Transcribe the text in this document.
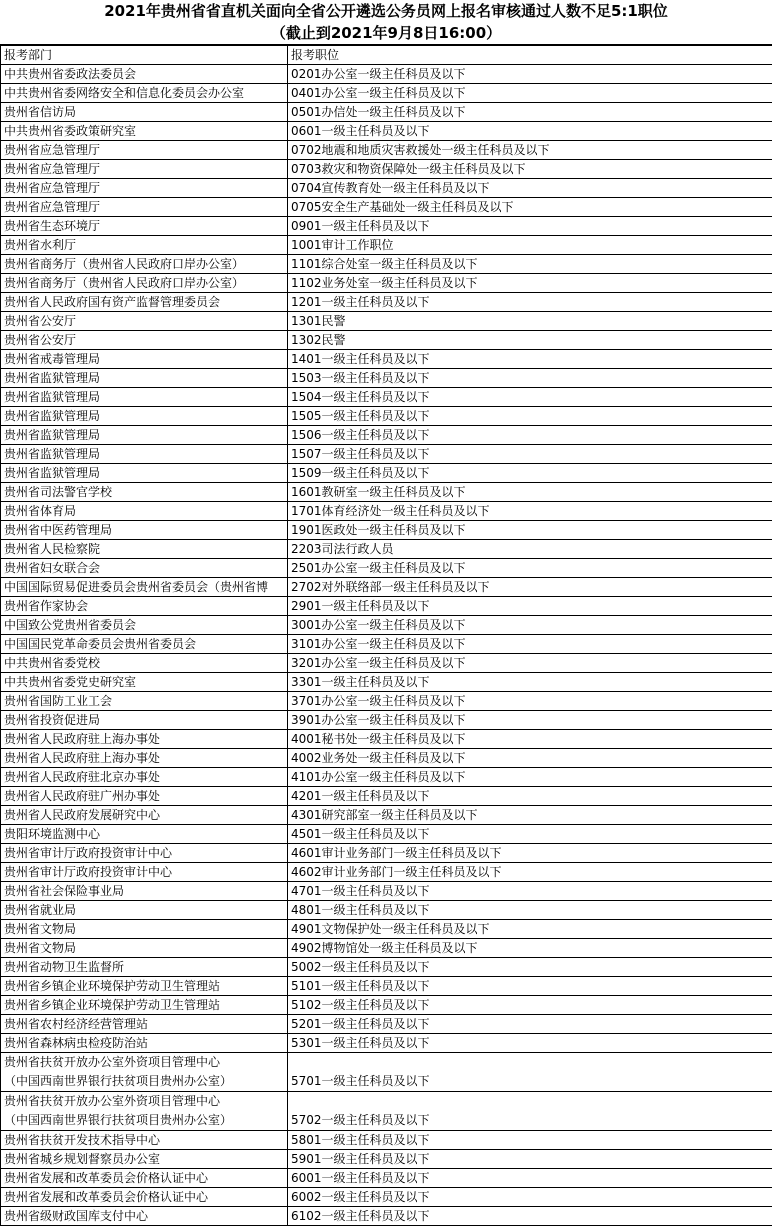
2021年贵州省省直机关面向全省公开遴选公务员网上报名审核通过人数不足5:1职位
（截止到2021年9月8日16:00）
报考部门	报考职位
中共贵州省委政法委员会	0201办公室一级主任科员及以下
中共贵州省委网络安全和信息化委员会办公室	0401办公室一级主任科员及以下
贵州省信访局	0501办信处一级主任科员及以下
中共贵州省委政策研究室	0601一级主任科员及以下
贵州省应急管理厅	0702地震和地质灾害救援处一级主任科员及以下
贵州省应急管理厅	0703救灾和物资保障处一级主任科员及以下
贵州省应急管理厅	0704宣传教育处一级主任科员及以下
贵州省应急管理厅	0705安全生产基础处一级主任科员及以下
贵州省生态环境厅	0901一级主任科员及以下
贵州省水利厅	1001审计工作职位
贵州省商务厅（贵州省人民政府口岸办公室）	1101综合处室一级主任科员及以下
贵州省商务厅（贵州省人民政府口岸办公室）	1102业务处室一级主任科员及以下
贵州省人民政府国有资产监督管理委员会	1201一级主任科员及以下
贵州省公安厅	1301民警
贵州省公安厅	1302民警
贵州省戒毒管理局	1401一级主任科员及以下
贵州省监狱管理局	1503一级主任科员及以下
贵州省监狱管理局	1504一级主任科员及以下
贵州省监狱管理局	1505一级主任科员及以下
贵州省监狱管理局	1506一级主任科员及以下
贵州省监狱管理局	1507一级主任科员及以下
贵州省监狱管理局	1509一级主任科员及以下
贵州省司法警官学校	1601教研室一级主任科员及以下
贵州省体育局	1701体育经济处一级主任科员及以下
贵州省中医药管理局	1901医政处一级主任科员及以下
贵州省人民检察院	2203司法行政人员
贵州省妇女联合会	2501办公室一级主任科员及以下
中国国际贸易促进委员会贵州省委员会（贵州省博	2702对外联络部一级主任科员及以下
贵州省作家协会	2901一级主任科员及以下
中国致公党贵州省委员会	3001办公室一级主任科员及以下
中国国民党革命委员会贵州省委员会	3101办公室一级主任科员及以下
中共贵州省委党校	3201办公室一级主任科员及以下
中共贵州省委党史研究室	3301一级主任科员及以下
贵州省国防工业工会	3701办公室一级主任科员及以下
贵州省投资促进局	3901办公室一级主任科员及以下
贵州省人民政府驻上海办事处	4001秘书处一级主任科员及以下
贵州省人民政府驻上海办事处	4002业务处一级主任科员及以下
贵州省人民政府驻北京办事处	4101办公室一级主任科员及以下
贵州省人民政府驻广州办事处	4201一级主任科员及以下
贵州省人民政府发展研究中心	4301研究部室一级主任科员及以下
贵阳环境监测中心	4501一级主任科员及以下
贵州省审计厅政府投资审计中心	4601审计业务部门一级主任科员及以下
贵州省审计厅政府投资审计中心	4602审计业务部门一级主任科员及以下
贵州省社会保险事业局	4701一级主任科员及以下
贵州省就业局	4801一级主任科员及以下
贵州省文物局	4901文物保护处一级主任科员及以下
贵州省文物局	4902博物馆处一级主任科员及以下
贵州省动物卫生监督所	5002一级主任科员及以下
贵州省乡镇企业环境保护劳动卫生管理站	5101一级主任科员及以下
贵州省乡镇企业环境保护劳动卫生管理站	5102一级主任科员及以下
贵州省农村经济经营管理站	5201一级主任科员及以下
贵州省森林病虫检疫防治站	5301一级主任科员及以下

贵州省扶贫开放办公室外资项目管理中心
（中国西南世界银行扶贫项目贵州办公室）	5701一级主任科员及以下

贵州省扶贫开放办公室外资项目管理中心
（中国西南世界银行扶贫项目贵州办公室）	5702一级主任科员及以下
贵州省扶贫开发技术指导中心	5801一级主任科员及以下
贵州省城乡规划督察员办公室	5901一级主任科员及以下
贵州省发展和改革委员会价格认证中心	6001一级主任科员及以下
贵州省发展和改革委员会价格认证中心	6002一级主任科员及以下
贵州省级财政国库支付中心	6102一级主任科员及以下
